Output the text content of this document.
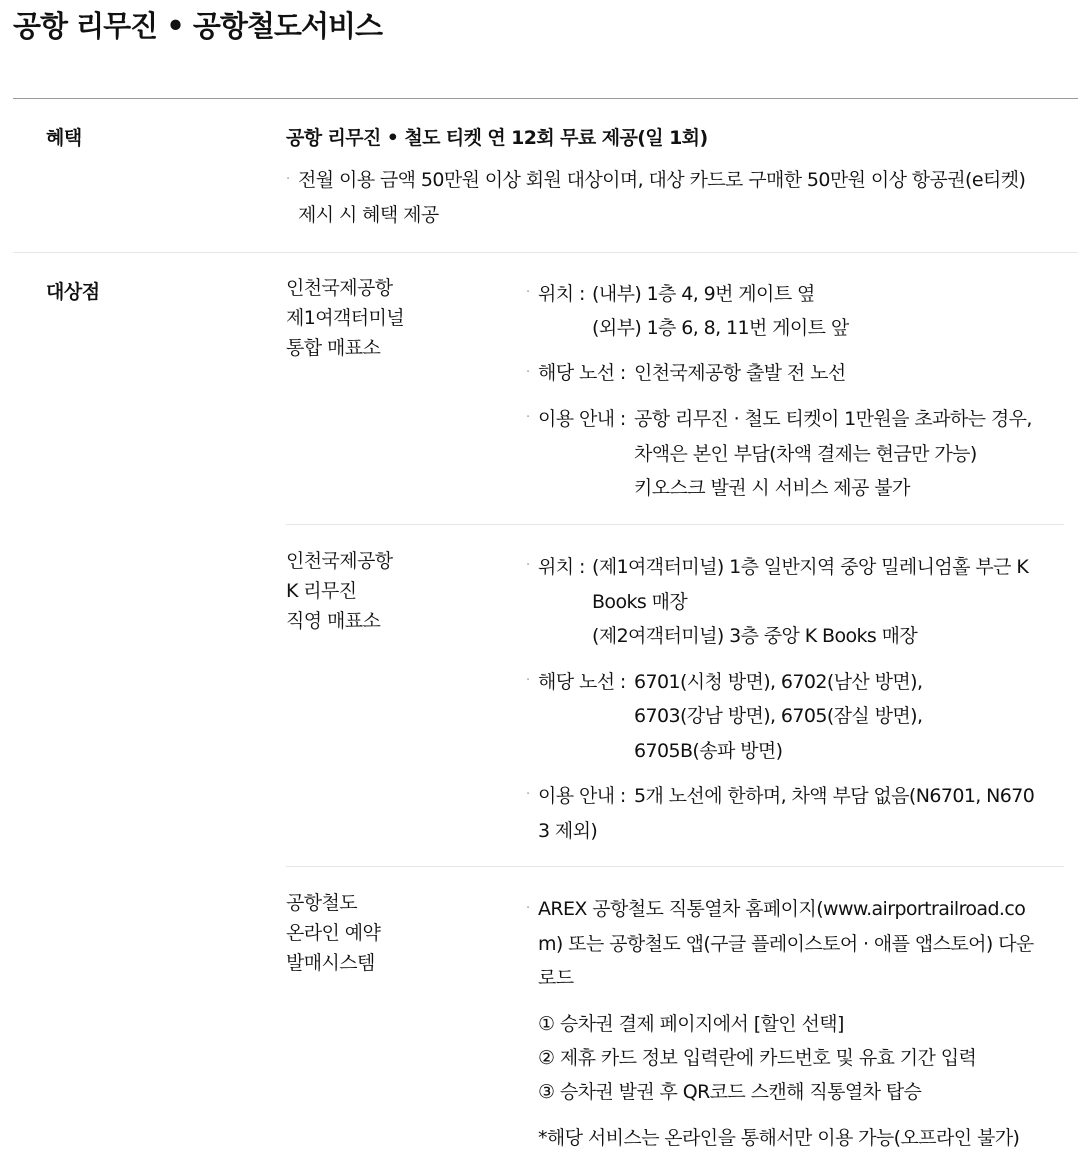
공항 리무진 • 공항철도서비스
혜택	공항 리무진 • 철도 티켓 연 12회 무료 제공(일 1회)
· 전월 이용 금액 50만원 이상 회원 대상이며, 대상 카드로 구매한 50만원 이상 항공권(e티켓)
제시 시 혜택 제공
대상점	인천국제공항
제1여객터미널
통합 매표소
· 위치 : (내부) 1층 4, 9번 게이트 옆
(외부) 1층 6, 8, 11번 게이트 앞
· 해당 노선 : 인천국제공항 출발 전 노선
· 이용 안내 : 공항 리무진 · 철도 티켓이 1만원을 초과하는 경우,
차액은 본인 부담(차액 결제는 현금만 가능)
키오스크 발권 시 서비스 제공 불가
인천국제공항
K 리무진
직영 매표소
· 위치 : (제1여객터미널) 1층 일반지역 중앙 밀레니엄홀 부근 K
Books 매장
(제2여객터미널) 3층 중앙 K Books 매장
· 해당 노선 : 6701(시청 방면), 6702(남산 방면),
6703(강남 방면), 6705(잠실 방면),
6705B(송파 방면)
· 이용 안내 : 5개 노선에 한하며, 차액 부담 없음(N6701, N670
3 제외)
공항철도
온라인 예약
발매시스템
· AREX 공항철도 직통열차 홈페이지(www.airportrailroad.co
m) 또는 공항철도 앱(구글 플레이스토어 · 애플 앱스토어) 다운
로드
① 승차권 결제 페이지에서 [할인 선택]
② 제휴 카드 정보 입력란에 카드번호 및 유효 기간 입력
③ 승차권 발권 후 QR코드 스캔해 직통열차 탑승
*해당 서비스는 온라인을 통해서만 이용 가능(오프라인 불가)
